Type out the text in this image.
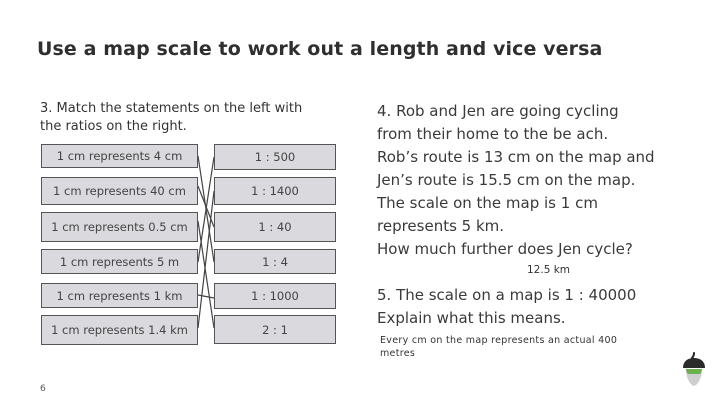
Use a map scale to work out a length and vice versa
3. Match the statements on the left with
the ratios on the right.
1 cm represents 4 cm
1 cm represents 40 cm
1 cm represents 0.5 cm
1 cm represents 5 m
1 cm represents 1 km
1 cm represents 1.4 km
1 : 500
1 : 1400
1 : 40
1 : 4
1 : 1000
2 : 1
4. Rob and Jen are going cycling
from their home to the be ach.
Rob’s route is 13 cm on the map and
Jen’s route is 15.5 cm on the map.
The scale on the map is 1 cm
represents 5 km.
How much further does Jen cycle?
12.5 km
5. The scale on a map is 1 : 40000
Explain what this means.
Every cm on the map represents an actual 400
metres
6
